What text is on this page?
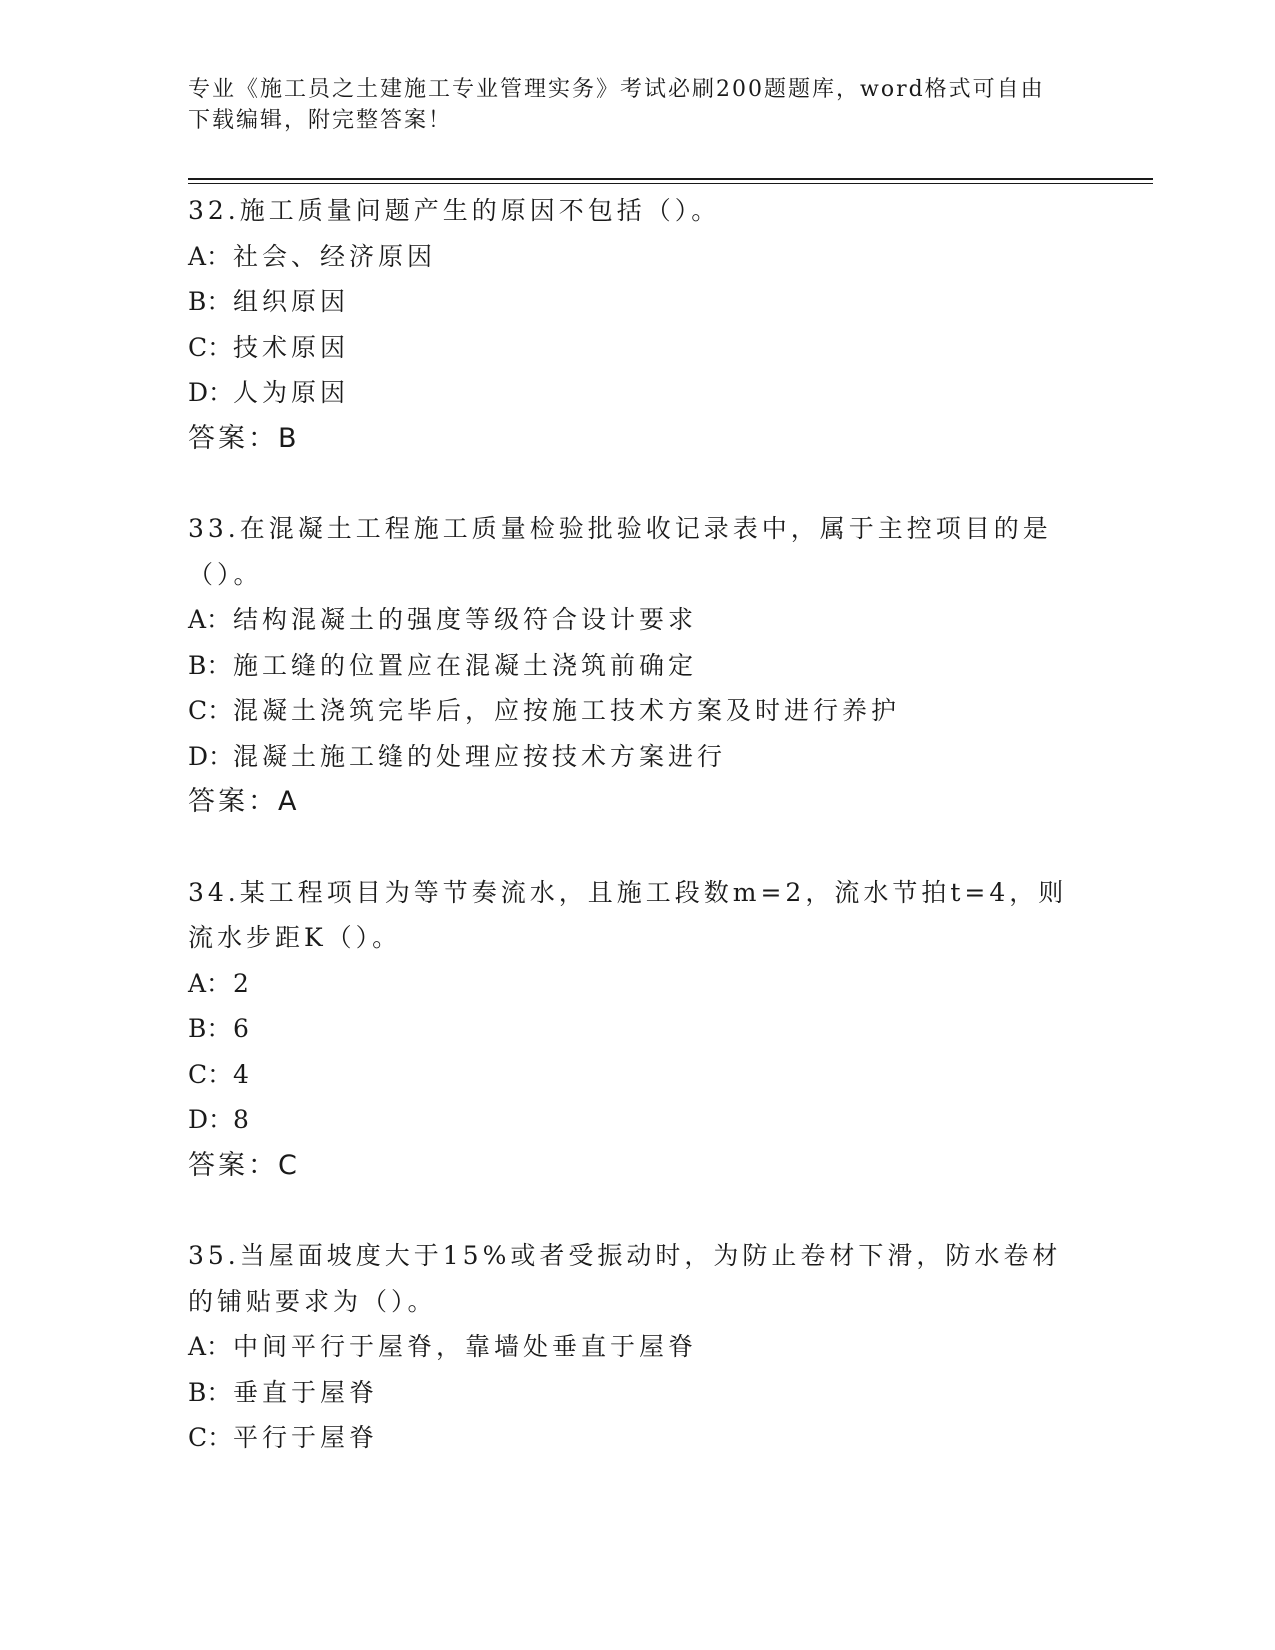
专业《施工员之土建施工专业管理实务》考试必刷200题题库，word格式可自由下载编辑，附完整答案！
32.施工质量问题产生的原因不包括（）。
A：社会、经济原因
B：组织原因
C：技术原因
D：人为原因
答案：B
33.在混凝土工程施工质量检验批验收记录表中，属于主控项目的是（）。
A：结构混凝土的强度等级符合设计要求
B：施工缝的位置应在混凝土浇筑前确定
C：混凝土浇筑完毕后，应按施工技术方案及时进行养护
D：混凝土施工缝的处理应按技术方案进行
答案：A
34.某工程项目为等节奏流水，且施工段数m=2，流水节拍t=4，则流水步距K（）。
A：2
B：6
C：4
D：8
答案：C
35.当屋面坡度大于15%或者受振动时，为防止卷材下滑，防水卷材的铺贴要求为（）。
A：中间平行于屋脊，靠墙处垂直于屋脊
B：垂直于屋脊
C：平行于屋脊
